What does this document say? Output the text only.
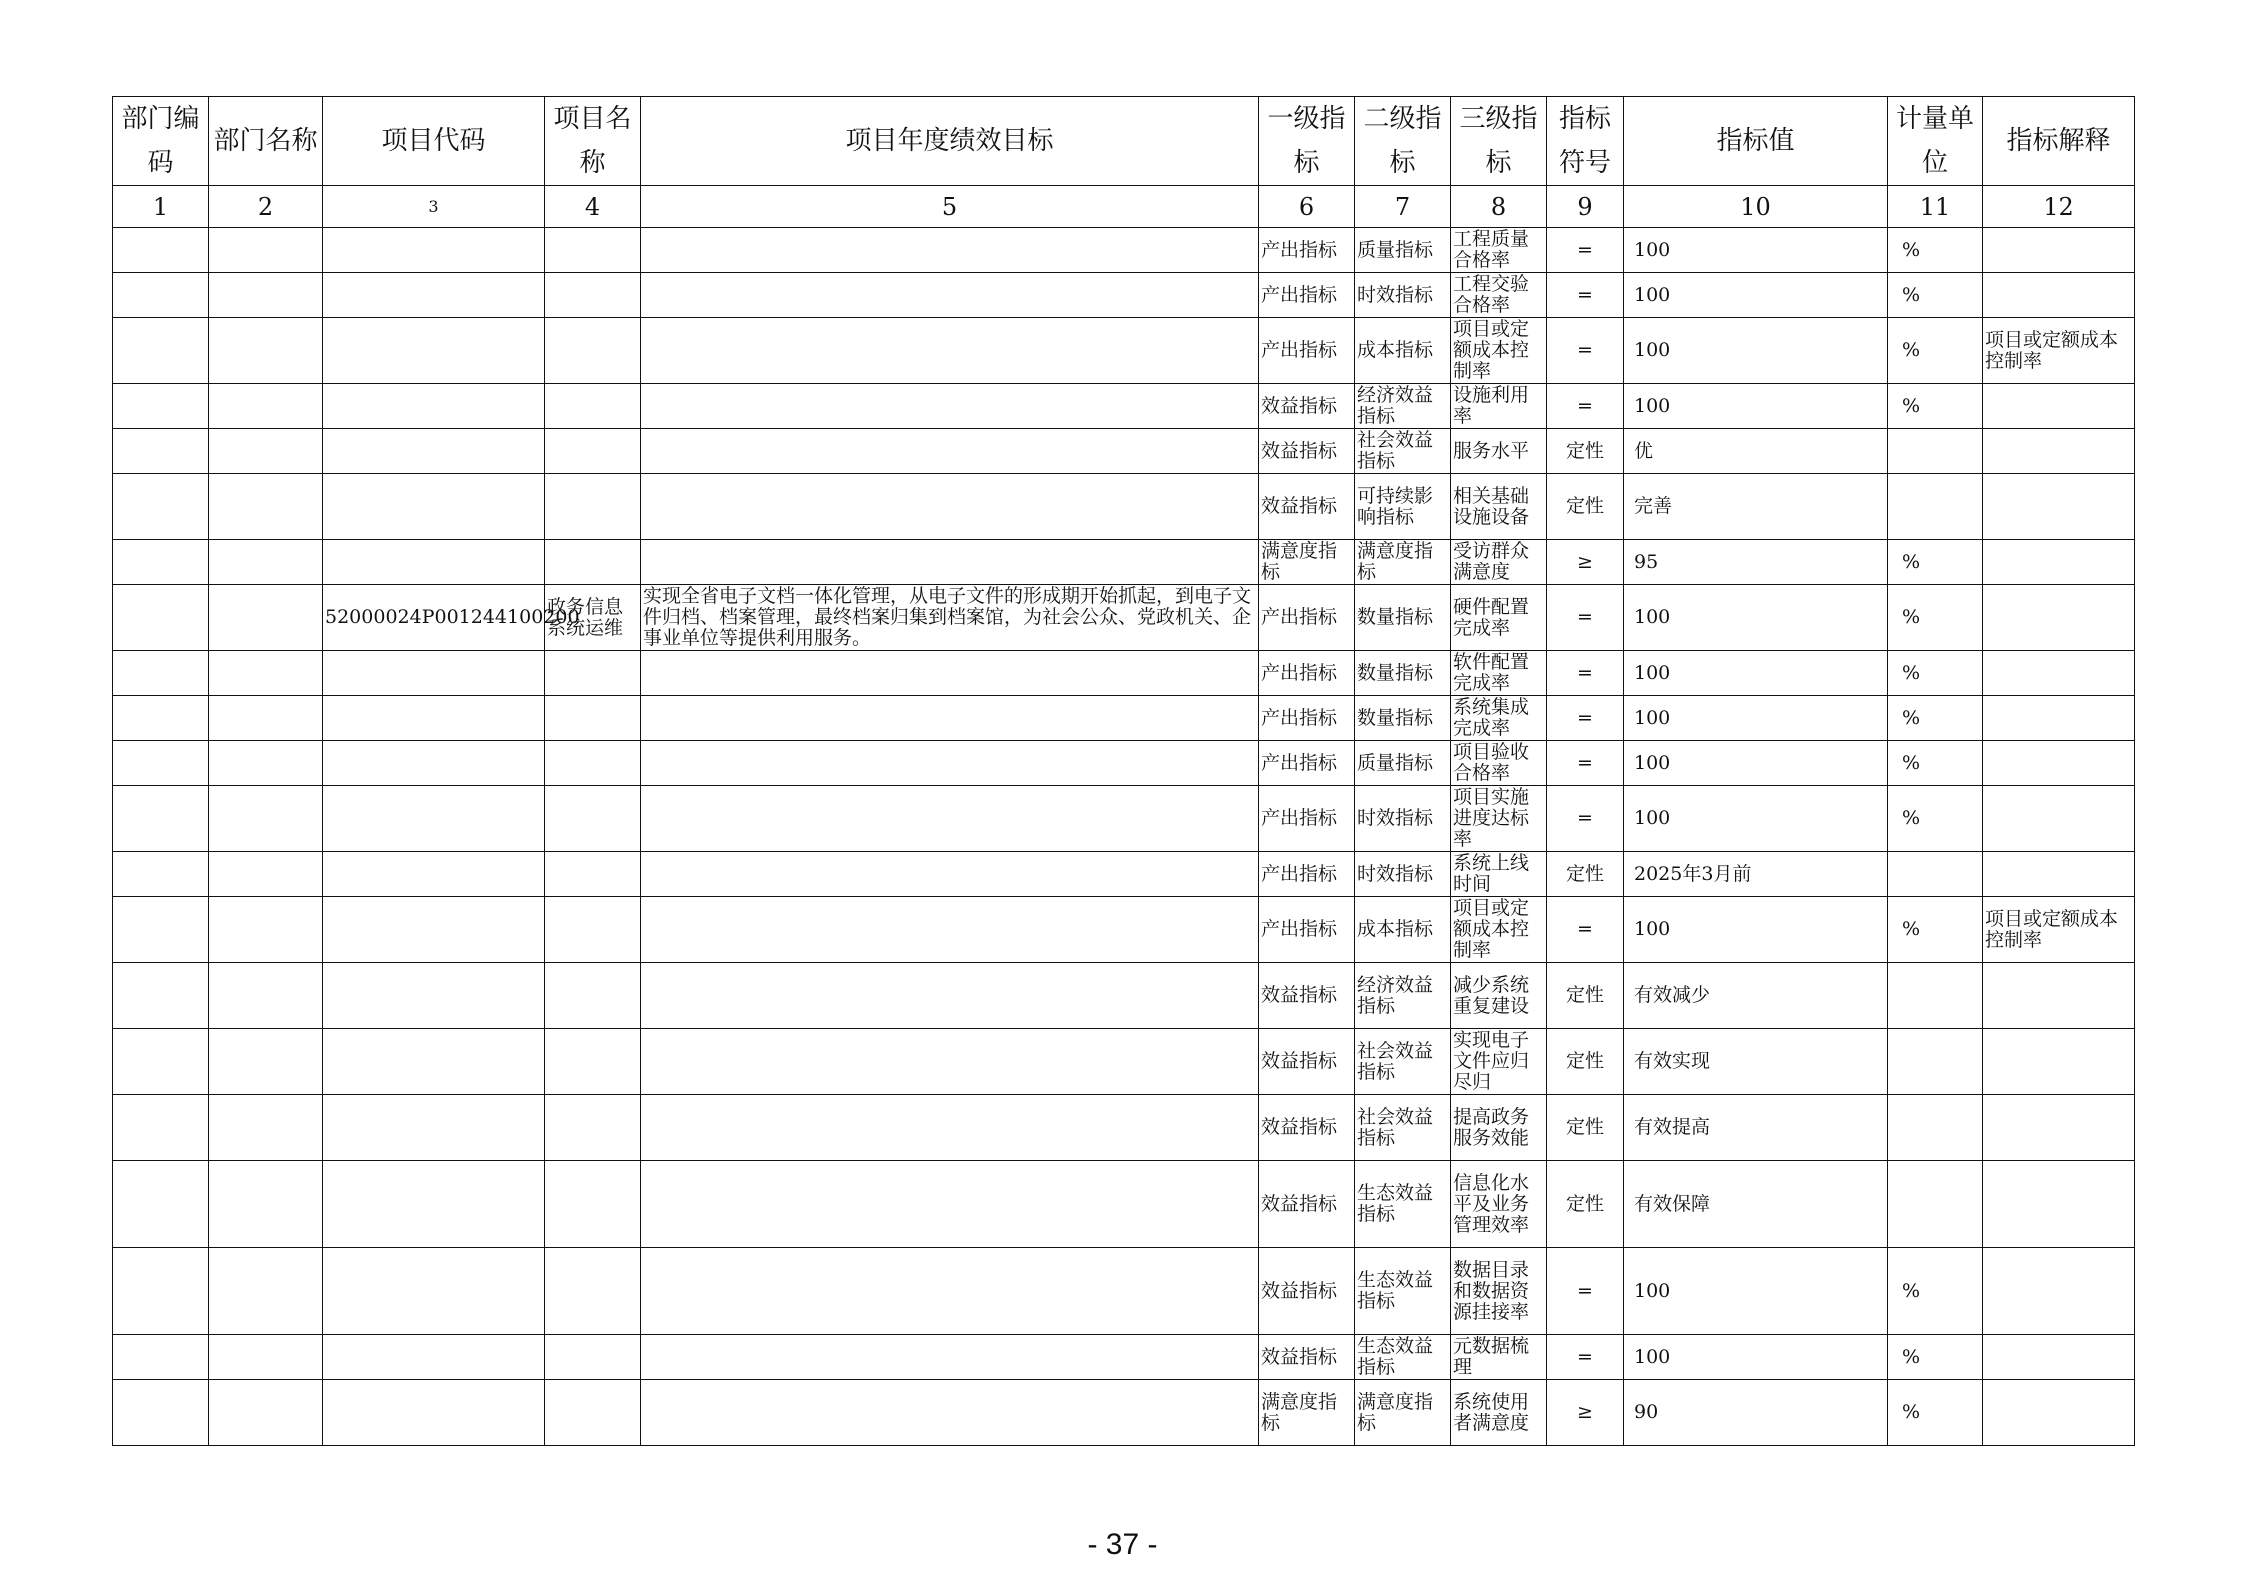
部门编码	部门名称	项目代码	项目名称	项目年度绩效目标	一级指标	二级指标	三级指标	指标符号	指标值	计量单位	指标解释
1	2	3	4	5	6	7	8	9	10	11	12
					产出指标	质量指标	工程质量合格率	=	100	%	
					产出指标	时效指标	工程交验合格率	=	100	%	
					产出指标	成本指标	项目或定额成本控制率	=	100	%	项目或定额成本控制率
					效益指标	经济效益指标	设施利用率	=	100	%	
					效益指标	社会效益指标	服务水平	定性	优		
					效益指标	可持续影响指标	相关基础设施设备	定性	完善		
					满意度指标	满意度指标	受访群众满意度	≥	95	%	
		52000024P001244100200	政务信息系统运维	实现全省电子文档一体化管理，从电子文件的形成期开始抓起，到电子文件归档、档案管理，最终档案归集到档案馆，为社会公众、党政机关、企事业单位等提供利用服务。	产出指标	数量指标	硬件配置完成率	=	100	%	
					产出指标	数量指标	软件配置完成率	=	100	%	
					产出指标	数量指标	系统集成完成率	=	100	%	
					产出指标	质量指标	项目验收合格率	=	100	%	
					产出指标	时效指标	项目实施进度达标率	=	100	%	
					产出指标	时效指标	系统上线时间	定性	2025年3月前		
					产出指标	成本指标	项目或定额成本控制率	=	100	%	项目或定额成本控制率
					效益指标	经济效益指标	减少系统重复建设	定性	有效减少		
					效益指标	社会效益指标	实现电子文件应归尽归	定性	有效实现		
					效益指标	社会效益指标	提高政务服务效能	定性	有效提高		
					效益指标	生态效益指标	信息化水平及业务管理效率	定性	有效保障		
					效益指标	生态效益指标	数据目录和数据资源挂接率	=	100	%	
					效益指标	生态效益指标	元数据梳理	=	100	%	
					满意度指标	满意度指标	系统使用者满意度	≥	90	%	
- 37 -
